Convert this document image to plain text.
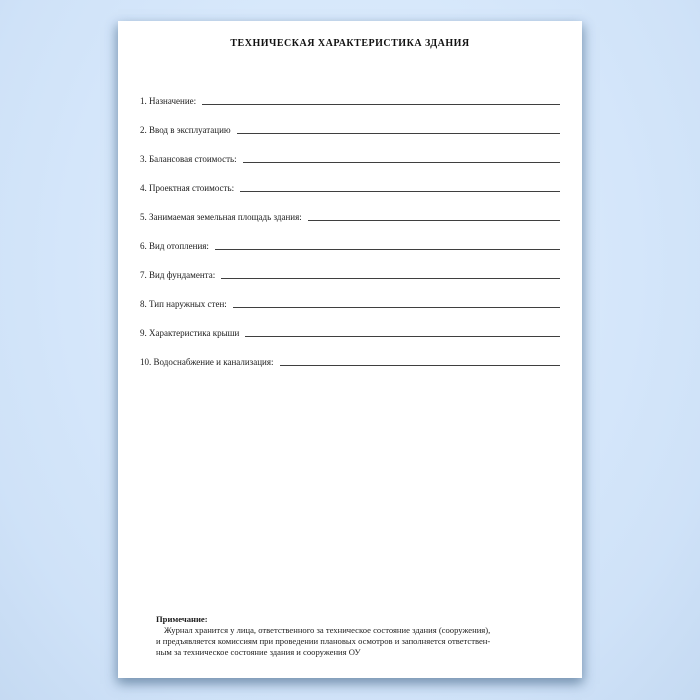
ТЕХНИЧЕСКАЯ ХАРАКТЕРИСТИКА ЗДАНИЯ
1. Назначение:
2. Ввод в эксплуатацию
3. Балансовая стоимость:
4. Проектная стоимость:
5. Занимаемая земельная площадь здания:
6. Вид отопления:
7. Вид фундамента:
8. Тип наружных стен:
9. Характеристика крыши
10. Водоснабжение и канализация:
Примечание:
Журнал хранится у лица, ответственного за техническое состояние здания (сооружения),
и предъявляется комиссиям при проведении плановых осмотров и заполняется ответствен-
ным за техническое состояние здания и сооружения ОУ
